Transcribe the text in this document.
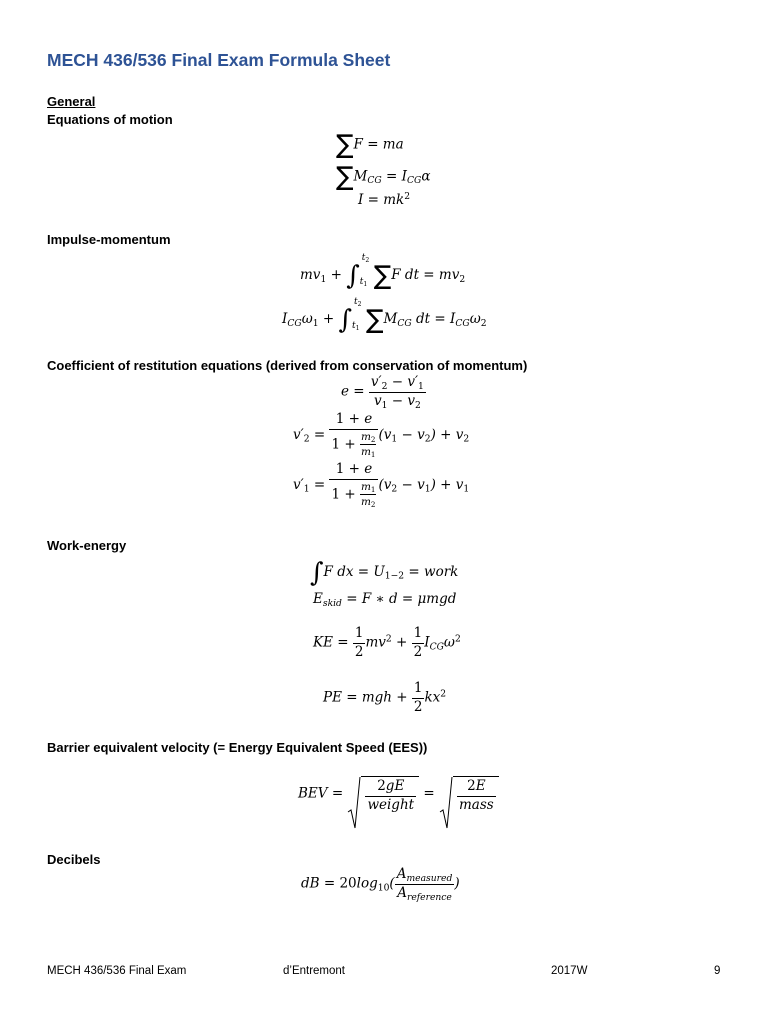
MECH 436/536 Final Exam Formula Sheet
General
Equations of motion
∑F = ma
$\sum M_{CG} = I_{CG}\alpha$
$I = mk^2$
Impulse-momentum
$mv_1$ + ∫
$t_2$
$t_1$ ∑F dt = $mv_2$
$I_{CG}\omega_1$ + ∫
$t_2$
$t_1$ $\sum M_{CG}$ dt = $I_{CG}\omega_2$
Coefficient of restitution equations (derived from conservation of momentum)
$e = \frac{v'_2 - v'_1}{v_1 - v_2}$
$v'_2 = \frac{1 + e}{1 + \frac{m_2}{m_1}} (v_1 - v_2) + v_2$
$v'_1 = \frac{1 + e}{1 + \frac{m_1}{m_2}} (v_2 - v_1) + v_1$
Work-energy
∫F dx = $U_{1-2}$ = work
$E_{skid} = F$ ∗ d = μmgd
KE = $\frac{1}{2} mv^2 + \frac{1}{2} I_{CG}\omega^2$
PE = mgh + $\frac{1}{2} kx^2$
Barrier equivalent velocity (= Energy Equivalent Speed (EES))
BEV = $\frac{2gE}{\text{weight}} = \frac{2E}{\text{mass}}$
Decibels
dB = $20\log_{10}( \frac{A_{measured}}{A_{reference}}$ )
MECH 436/536 Final Exam	d’Entremont	2017W	9
